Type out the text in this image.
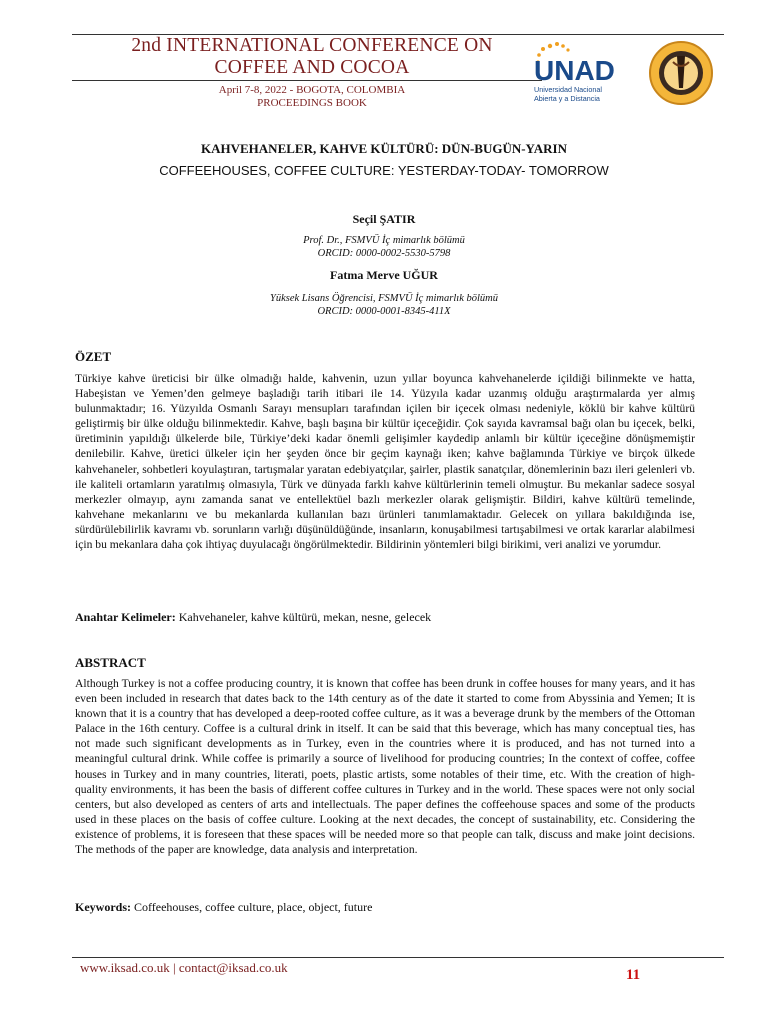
2nd INTERNATIONAL CONFERENCE ON
COFFEE AND COCOA
April 7-8, 2022 - BOGOTA, COLOMBIA
PROCEEDINGS BOOK
UNAD
Universidad Nacional
Abierta y a Distancia
KAHVEHANELER, KAHVE KÜLTÜRÜ: DÜN-BUGÜN-YARIN
COFFEEHOUSES, COFFEE CULTURE: YESTERDAY-TODAY- TOMORROW
Seçil ŞATIR
Prof. Dr., FSMVÜ İç mimarlık bölümü
ORCID: 0000-0002-5530-5798
Fatma Merve UĞUR
Yüksek Lisans Öğrencisi, FSMVÜ İç mimarlık bölümü
ORCID: 0000-0001-8345-411X
ÖZET

Türkiye kahve üreticisi bir ülke olmadığı halde, kahvenin, uzun yıllar boyunca kahvehanelerde içildiği bilinmekte ve hatta, Habeşistan ve Yemen’den gelmeye başladığı tarih itibari ile 14. Yüzyıla kadar uzanmış olduğu araştırmalarda yer almış bulunmaktadır; 16. Yüzyılda Osmanlı Sarayı mensupları tarafından içilen bir içecek olması nedeniyle, köklü bir kahve kültürü geliştirmiş bir ülke olduğu bilinmektedir. Kahve, başlı başına bir kültür içeceğidir. Çok sayıda kavramsal bağı olan bu içecek, belki, üretiminin yapıldığı ülkelerde bile, Türkiye’deki kadar önemli gelişimler kaydedip anlamlı bir kültür içeceğine dönüşmemiştir denilebilir. Kahve, üretici ülkeler için her şeyden önce bir geçim kaynağı iken; kahve bağlamında Türkiye ve birçok ülkede kahvehaneler, sohbetleri koyulaştıran, tartışmalar yaratan edebiyatçılar, şairler, plastik sanatçılar, dönemlerinin bazı ileri gelenleri vb. ile kaliteli ortamların yaratılmış olmasıyla, Türk ve dünyada farklı kahve kültürlerinin temeli olmuştur. Bu mekanlar sadece sosyal merkezler olmayıp, aynı zamanda sanat ve entellektüel bazlı merkezler olarak gelişmiştir. Bildiri, kahve kültürü temelinde, kahvehane mekanlarını ve bu mekanlarda kullanılan bazı ürünleri tanımlamaktadır. Gelecek on yıllara bakıldığında ise, sürdürülebilirlik kavramı vb. sorunların varlığı düşünüldüğünde, insanların, konuşabilmesi tartışabilmesi ve ortak kararlar alabilmesi için bu mekanlara daha çok ihtiyaç duyulacağı öngörülmektedir. Bildirinin yöntemleri bilgi birikimi, veri analizi ve yorumdur.

Anahtar Kelimeler: Kahvehaneler, kahve kültürü, mekan, nesne, gelecek
ABSTRACT

Although Turkey is not a coffee producing country, it is known that coffee has been drunk in coffee houses for many years, and it has even been included in research that dates back to the 14th century as of the date it started to come from Abyssinia and Yemen; It is known that it is a country that has developed a deep-rooted coffee culture, as it was a beverage drunk by the members of the Ottoman Palace in the 16th century. Coffee is a cultural drink in itself. It can be said that this beverage, which has many conceptual ties, has not made such significant developments as in Turkey, even in the countries where it is produced, and has not turned into a meaningful cultural drink. While coffee is primarily a source of livelihood for producing countries; In the context of coffee, coffee houses in Turkey and in many countries, literati, poets, plastic artists, some notables of their time, etc. With the creation of high-quality environments, it has been the basis of different coffee cultures in Turkey and in the world. These spaces were not only social centers, but also developed as centers of arts and intellectuals. The paper defines the coffeehouse spaces and some of the products used in these places on the basis of coffee culture. Looking at the next decades, the concept of sustainability, etc. Considering the existence of problems, it is foreseen that these spaces will be needed more so that people can talk, discuss and make joint decisions. The methods of the paper are knowledge, data analysis and interpretation.

Keywords: Coffeehouses, coffee culture, place, object, future
www.iksad.co.uk | contact@iksad.co.uk	11
